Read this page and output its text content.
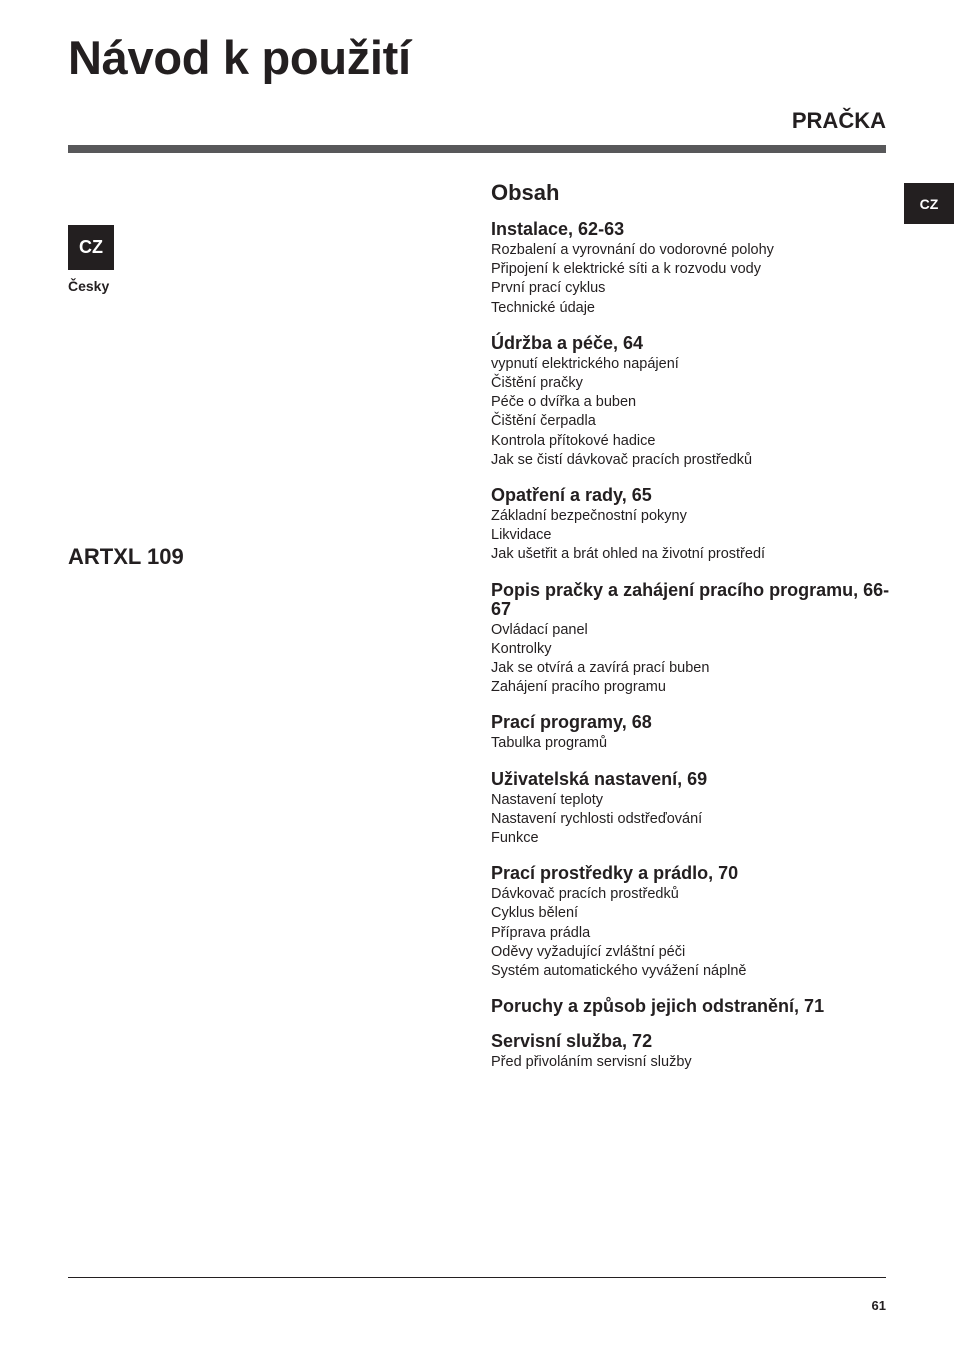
Návod k použití
PRAČKA
CZ
Česky
CZ
ARTXL 109
Obsah
Instalace, 62-63
Rozbalení a vyrovnání do vodorovné polohy
Připojení k elektrické síti a k rozvodu vody
První prací cyklus
Technické údaje
Údržba a péče, 64
vypnutí elektrického napájení
Čištění pračky
Péče o dvířka a buben
Čištění čerpadla
Kontrola přítokové hadice
Jak se čistí dávkovač pracích prostředků
Opatření a rady, 65
Základní bezpečnostní pokyny
Likvidace
Jak ušetřit a brát ohled na životní prostředí
Popis pračky a zahájení pracího programu, 66-67
Ovládací panel
Kontrolky
Jak se otvírá a zavírá prací buben
Zahájení pracího programu
Prací programy, 68
Tabulka programů
Uživatelská nastavení, 69
Nastavení teploty
Nastavení rychlosti odstřeďování
Funkce
Prací prostředky a prádlo, 70
Dávkovač pracích prostředků
Cyklus bělení
Příprava prádla
Oděvy vyžadující zvláštní péči
Systém automatického vyvážení náplně
Poruchy a způsob jejich odstranění, 71
Servisní služba, 72
Před přivoláním servisní služby
61
